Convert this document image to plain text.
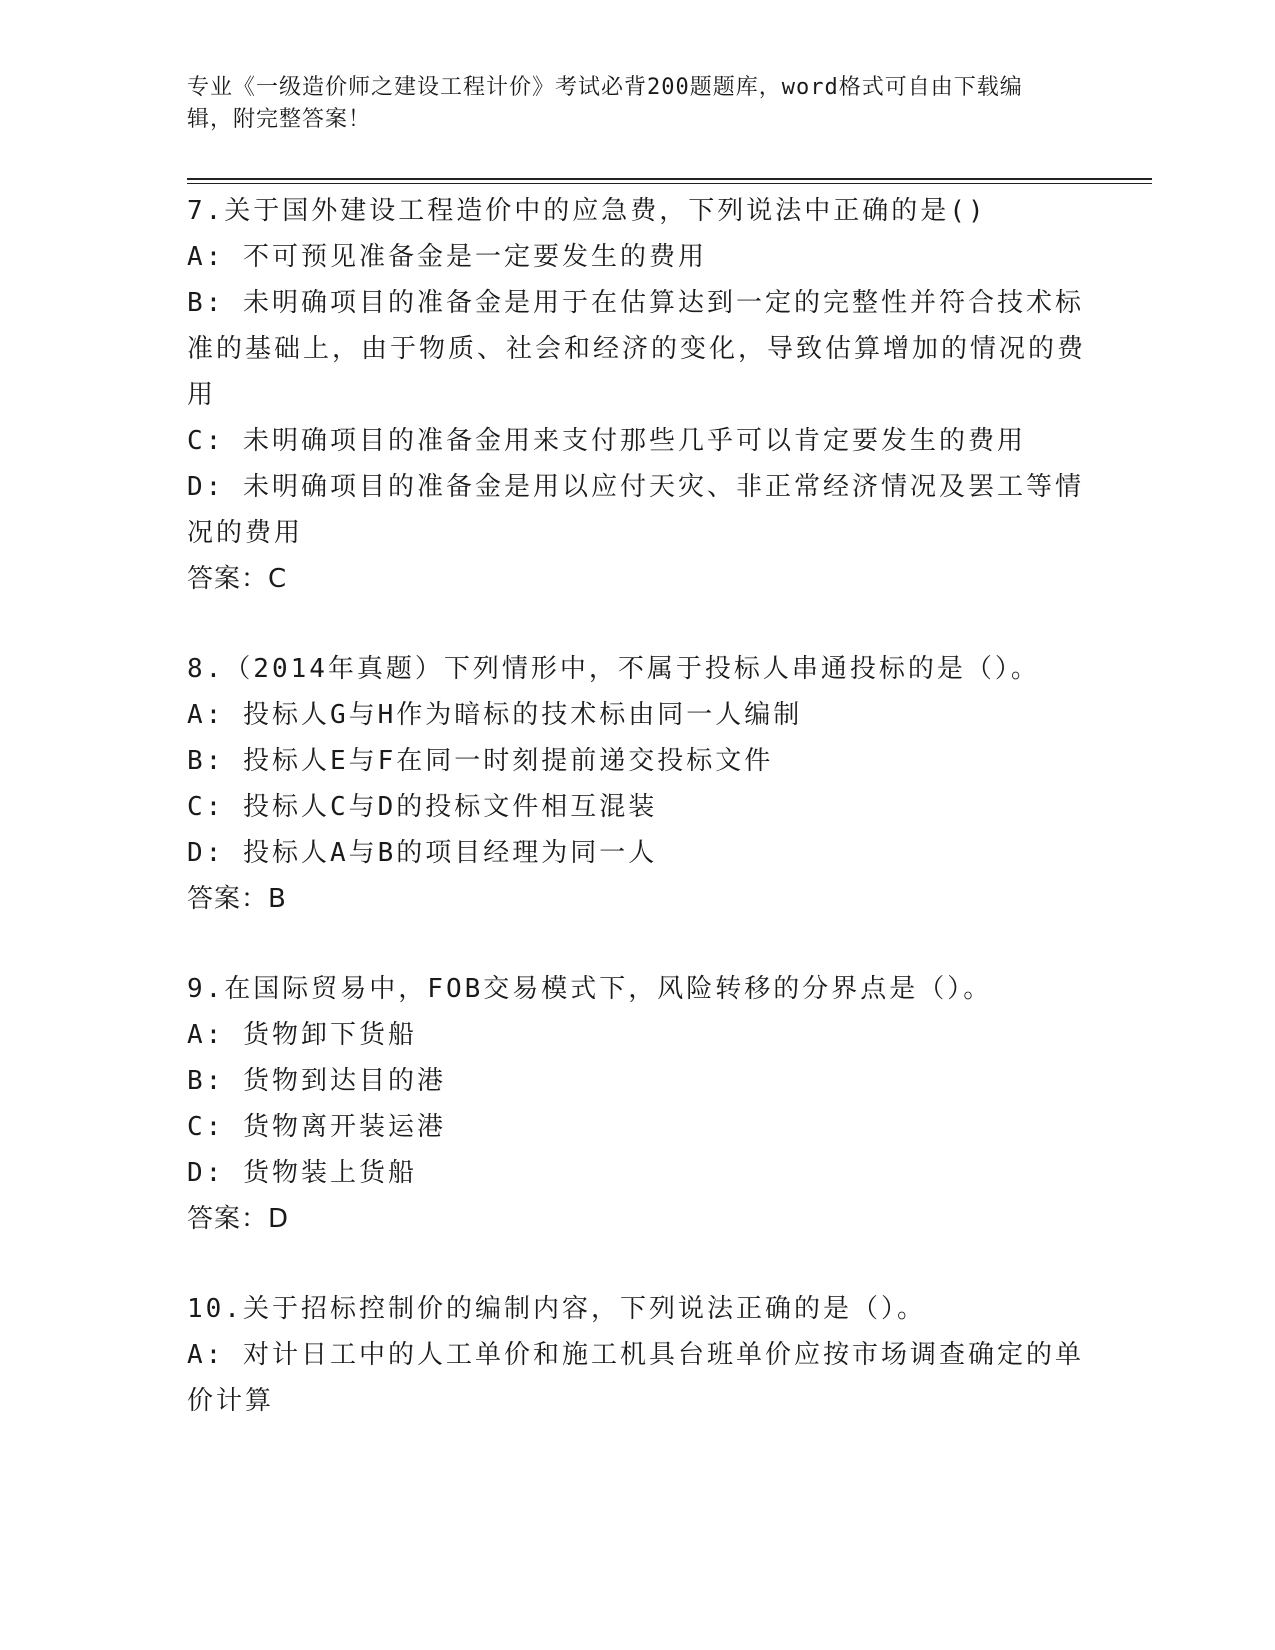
专业《一级造价师之建设工程计价》考试必背200题题库，word格式可自由下载编辑，附完整答案！
7.关于国外建设工程造价中的应急费，下列说法中正确的是()
A: 不可预见准备金是一定要发生的费用
B: 未明确项目的准备金是用于在估算达到一定的完整性并符合技术标准的基础上，由于物质、社会和经济的变化，导致估算增加的情况的费用
C: 未明确项目的准备金用来支付那些几乎可以肯定要发生的费用
D: 未明确项目的准备金是用以应付天灾、非正常经济情况及罢工等情况的费用
答案：C
8.（2014年真题）下列情形中，不属于投标人串通投标的是（）。
A: 投标人G与H作为暗标的技术标由同一人编制
B: 投标人E与F在同一时刻提前递交投标文件
C: 投标人C与D的投标文件相互混装
D: 投标人A与B的项目经理为同一人
答案：B
9.在国际贸易中，FOB交易模式下，风险转移的分界点是（）。
A: 货物卸下货船
B: 货物到达目的港
C: 货物离开装运港
D: 货物装上货船
答案：D
10.关于招标控制价的编制内容，下列说法正确的是（）。
A: 对计日工中的人工单价和施工机具台班单价应按市场调查确定的单价计算
